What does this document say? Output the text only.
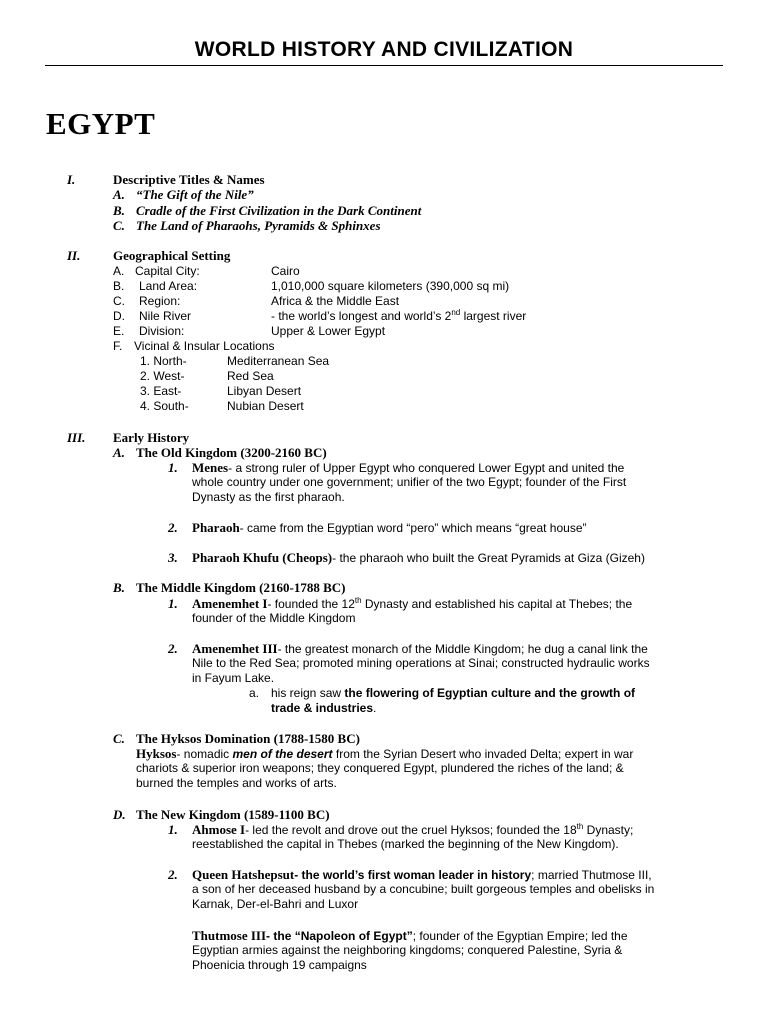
WORLD HISTORY AND CIVILIZATION
EGYPT
I.	Descriptive Titles & Names
A. “The Gift of the Nile”
B. Cradle of the First Civilization in the Dark Continent
C. The Land of Pharaohs, Pyramids & Sphinxes
II.	Geographical Setting
A. Capital City:	Cairo
B. Land Area:	1,010,000 square kilometers (390,000 sq mi)
C. Region:	Africa & the Middle East
D. Nile River	- the world’s longest and world’s 2nd largest river
E. Division:	Upper & Lower Egypt
F. Vicinal & Insular Locations
1. North-	Mediterranean Sea
2. West-	Red Sea
3. East-	Libyan Desert
4. South-	Nubian Desert
III. Early History
A. The Old Kingdom (3200-2160 BC)
1. Menes- a strong ruler of Upper Egypt who conquered Lower Egypt and united the
whole country under one government; unifier of the two Egypt; founder of the First
Dynasty as the first pharaoh.
2. Pharaoh- came from the Egyptian word “pero” which means “great house”
3. Pharaoh Khufu (Cheops)- the pharaoh who built the Great Pyramids at Giza (Gizeh)
B. The Middle Kingdom (2160-1788 BC)
1. Amenemhet I- founded the 12th Dynasty and established his capital at Thebes; the
founder of the Middle Kingdom
2. Amenemhet III- the greatest monarch of the Middle Kingdom; he dug a canal link the
Nile to the Red Sea; promoted mining operations at Sinai; constructed hydraulic works
in Fayum Lake.
a. his reign saw the flowering of Egyptian culture and the growth of
trade & industries.
C. The Hyksos Domination (1788-1580 BC)
Hyksos- nomadic men of the desert from the Syrian Desert who invaded Delta; expert in war
chariots & superior iron weapons; they conquered Egypt, plundered the riches of the land; &
burned the temples and works of arts.
D. The New Kingdom (1589-1100 BC)
1. Ahmose I- led the revolt and drove out the cruel Hyksos; founded the 18th Dynasty;
reestablished the capital in Thebes (marked the beginning of the New Kingdom).
2. Queen Hatshepsut- the world’s first woman leader in history; married Thutmose III,
a son of her deceased husband by a concubine; built gorgeous temples and obelisks in
Karnak, Der-el-Bahri and Luxor
Thutmose III- the “Napoleon of Egypt”; founder of the Egyptian Empire; led the
Egyptian armies against the neighboring kingdoms; conquered Palestine, Syria &
Phoenicia through 19 campaigns
